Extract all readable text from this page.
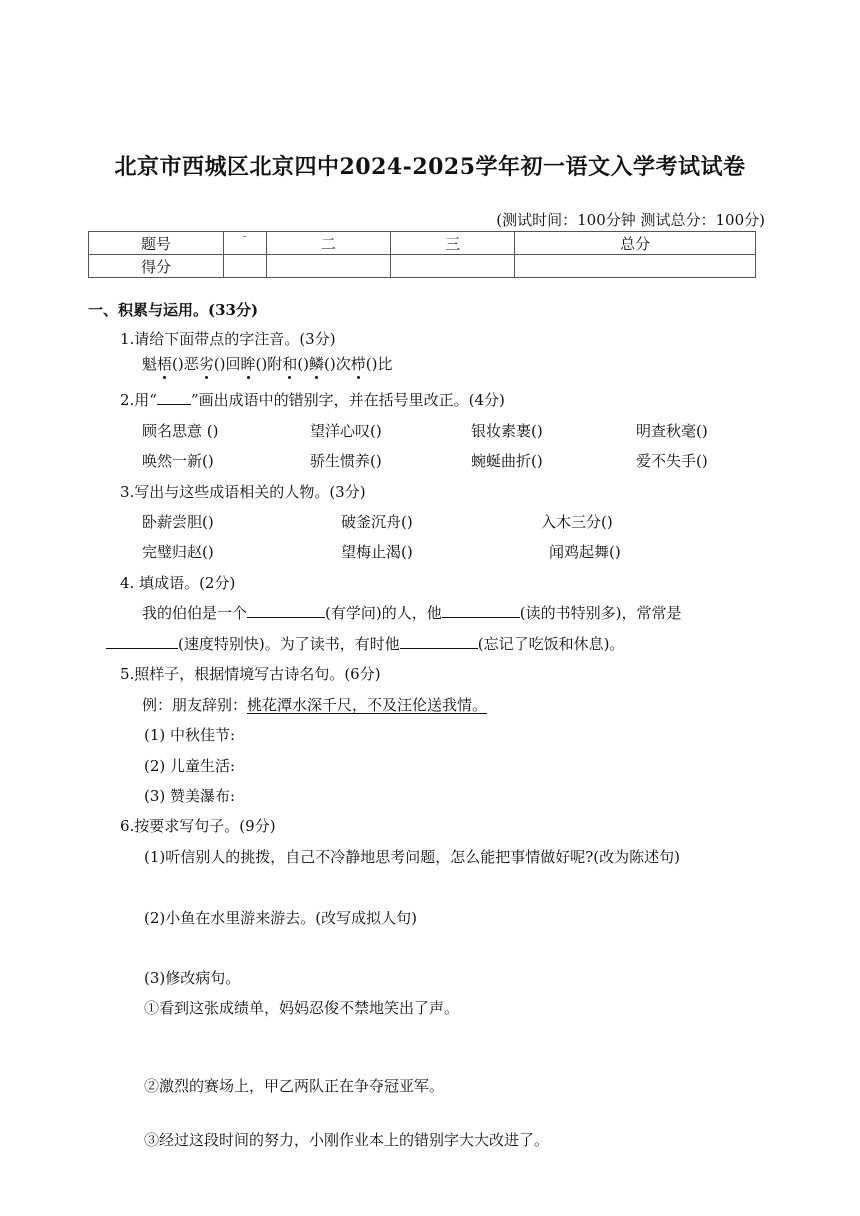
北京市西城区北京四中2024-2025学年初一语文入学考试试卷
(测试时间：100分钟 测试总分：100分)
题号	–	二	三	总分
得分				
一、积累与运用。(33分)
1.请给下面带点的字注音。(3分)
魁梧()恶劣()回眸()附和()鳞()次栉()比
2.用“ ”画出成语中的错别字，并在括号里改正。(4分)
顾名思意 ()	望洋心叹()	银妆素裹()	明查秋毫()
唤然一新()	骄生惯养()	蜿蜒曲折()	爱不失手()
3.写出与这些成语相关的人物。(3分)
卧薪尝胆()	破釜沉舟()	入木三分()
完璧归赵()	望梅止渴()	闻鸡起舞()
4. 填成语。(2分)
我的伯伯是一个	(有学问)的人，他	(读的书特别多)，常常是
(速度特别快)。为了读书，有时他	(忘记了吃饭和休息)。
5.照样子，根据情境写古诗名句。(6分)
例：朋友辞别：桃花潭水深千尺，不及汪伦送我情。
(1) 中秋佳节:
(2) 儿童生活:
(3) 赞美瀑布:
6.按要求写句子。(9分)
(1)听信别人的挑拨，自己不冷静地思考问题，怎么能把事情做好呢?(改为陈述句)
(2)小鱼在水里游来游去。(改写成拟人句)
(3)修改病句。
①看到这张成绩单，妈妈忍俊不禁地笑出了声。
②激烈的赛场上，甲乙两队正在争夺冠亚军。
③经过这段时间的努力，小刚作业本上的错别字大大改进了。
